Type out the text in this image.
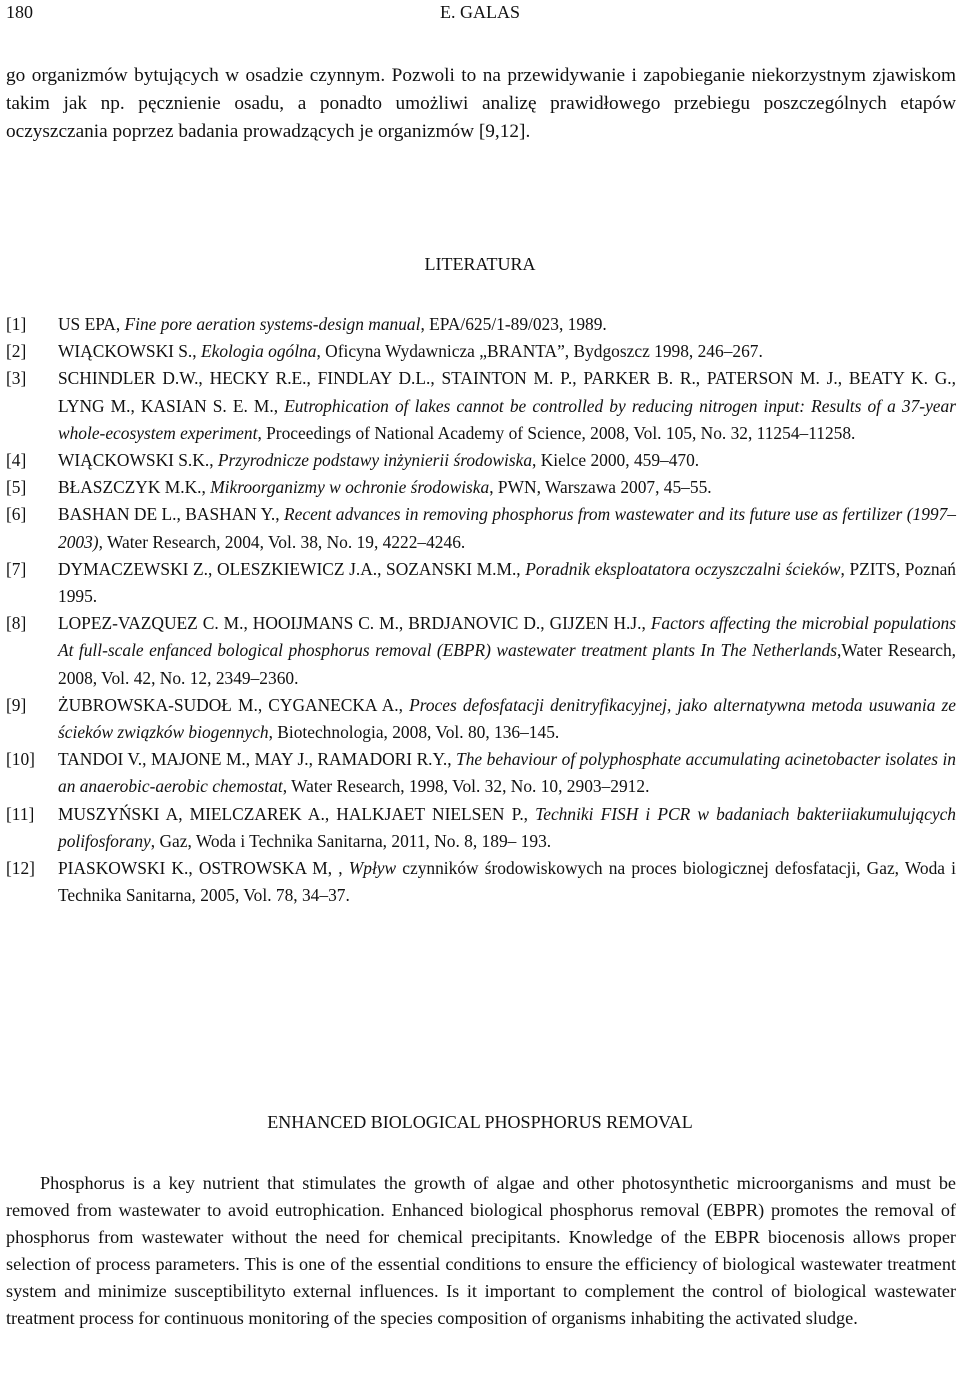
180	E. GALAS

go organizmów bytujących w osadzie czynnym. Pozwoli to na przewidywanie i zapobieganie niekorzystnym zjawiskom takim jak np. pęcznienie osadu, a ponadto umożliwi analizę prawidłowego przebiegu poszczególnych etapów oczyszczania poprzez badania prowadzących je organizmów [9,12].

LITERATURA
[1] US EPA, Fine pore aeration systems-design manual, EPA/625/1-89/023, 1989.
[2] WIĄCKOWSKI S., Ekologia ogólna, Oficyna Wydawnicza „BRANTA”, Bydgoszcz 1998, 246–267.
[3] SCHINDLER D.W., HECKY R.E., FINDLAY D.L., STAINTON M. P., PARKER B. R., PATERSON M. J., BEATY K. G., LYNG M., KASIAN S. E. M., Eutrophication of lakes cannot be controlled by reducing nitrogen input: Results of a 37-year whole-ecosystem experiment, Proceedings of National Academy of Science, 2008, Vol. 105, No. 32, 11254–11258.
[4] WIĄCKOWSKI S.K., Przyrodnicze podstawy inżynierii środowiska, Kielce 2000, 459–470.
[5] BŁASZCZYK M.K., Mikroorganizmy w ochronie środowiska, PWN, Warszawa 2007, 45–55.
[6] BASHAN DE L., BASHAN Y., Recent advances in removing phosphorus from wastewater and its future use as fertilizer (1997–2003), Water Research, 2004, Vol. 38, No. 19, 4222–4246.
[7] DYMACZEWSKI Z., OLESZKIEWICZ J.A., SOZANSKI M.M., Poradnik eksploatatora oczyszczalni ścieków, PZITS, Poznań 1995.
[8] LOPEZ-VAZQUEZ C. M., HOOIJMANS C. M., BRDJANOVIC D., GIJZEN H.J., Factors affecting the microbial populations At full-scale enfanced bological phosphorus removal (EBPR) wastewater treatment plants In The Netherlands,Water Research, 2008, Vol. 42, No. 12, 2349–2360.
[9] ŻUBROWSKA-SUDOŁ M., CYGANECKA A., Proces defosfatacji denitryfikacyjnej, jako alternatywna metoda usuwania ze ścieków związków biogennych, Biotechnologia, 2008, Vol. 80, 136–145.
[10] TANDOI V., MAJONE M., MAY J., RAMADORI R.Y., The behaviour of polyphosphate accumulating acinetobacter isolates in an anaerobic-aerobic chemostat, Water Research, 1998, Vol. 32, No. 10, 2903–2912.
[11] MUSZYŃSKI A, MIELCZAREK A., HALKJAET NIELSEN P., Techniki FISH i PCR w badaniach bakteriiakumulujących polifosforany, Gaz, Woda i Technika Sanitarna, 2011, No. 8, 189– 193.
[12] PIASKOWSKI K., OSTROWSKA M, , Wpływ czynników środowiskowych na proces biologicznej defosfatacji, Gaz, Woda i Technika Sanitarna, 2005, Vol. 78, 34–37.
ENHANCED BIOLOGICAL PHOSPHORUS REMOVAL

Phosphorus is a key nutrient that stimulates the growth of algae and other photosynthetic microorganisms and must be removed from wastewater to avoid eutrophication. Enhanced biological phosphorus removal (EBPR) promotes the removal of phosphorus from wastewater without the need for chemical precipitants. Knowledge of the EBPR biocenosis allows proper selection of process parameters. This is one of the essential conditions to ensure the efficiency of biological wastewater treatment system and minimize susceptibilityto external influences. Is it important to complement the control of biological wastewater treatment process for continuous monitoring of the species composition of organisms inhabiting the activated sludge.
